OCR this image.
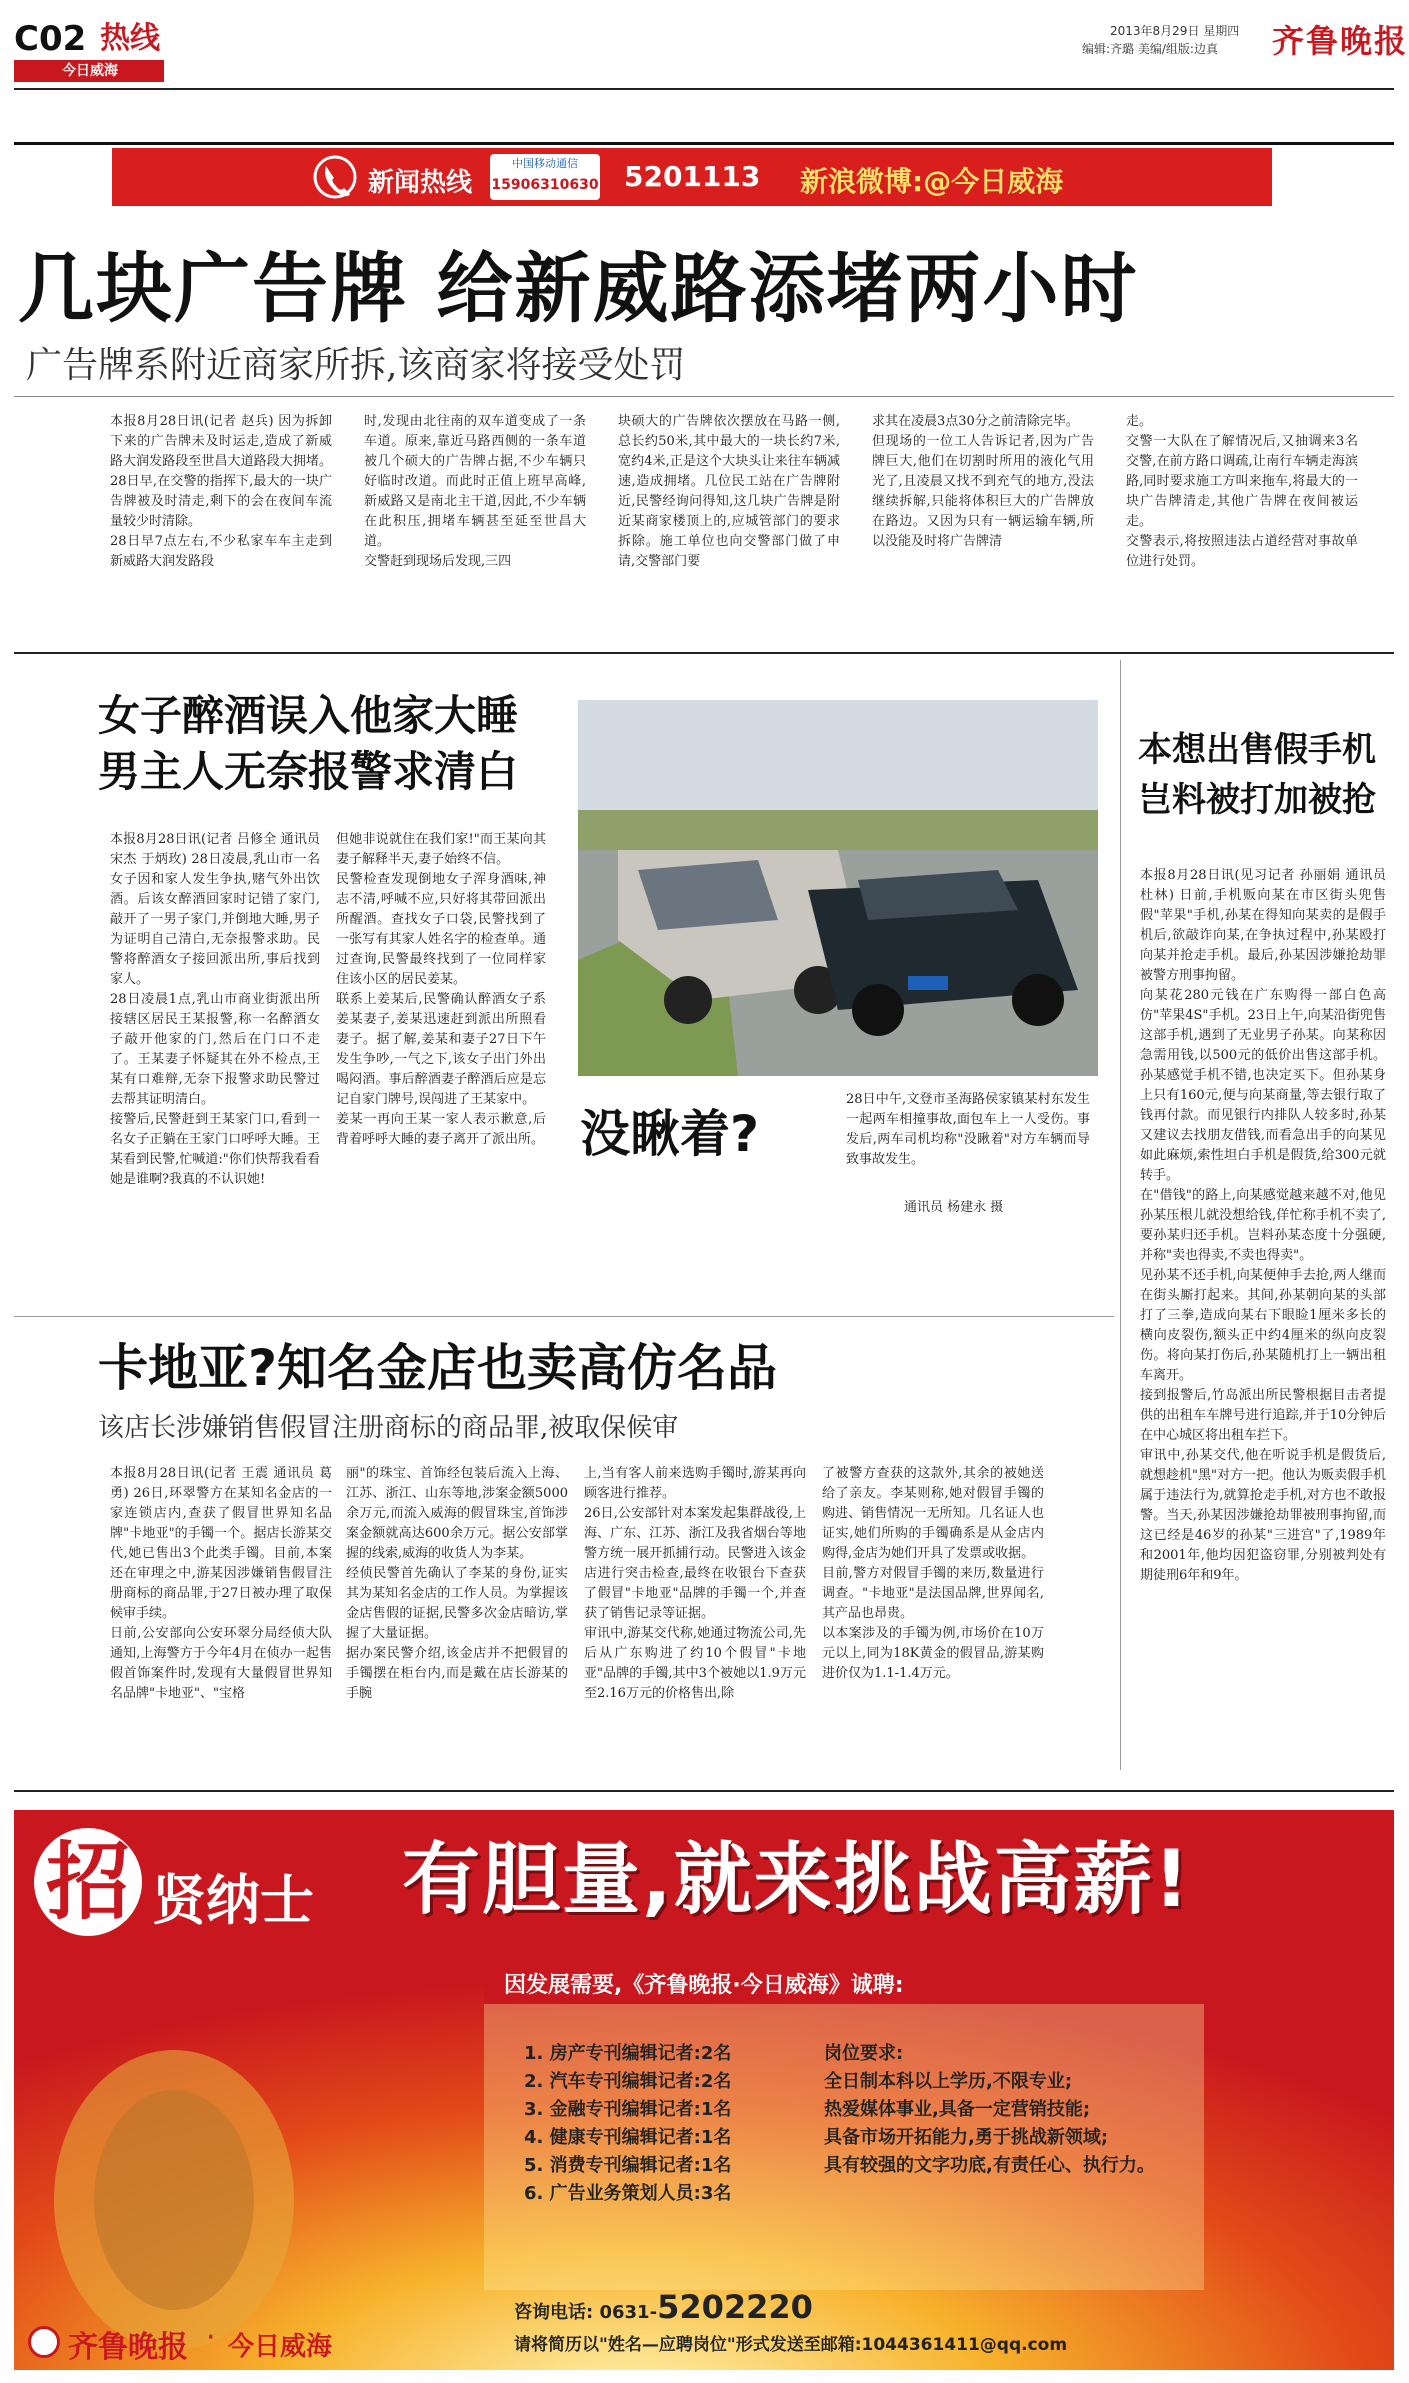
C02 热线
今日威海
2013年8月29日 星期四
编辑:齐璐 美编/组版:边真 齐鲁晚报
新闻热线
中国移动通信
15906310630 5201113 新浪微博:@今日威海
几块广告牌 给新威路添堵两小时
广告牌系附近商家所拆,该商家将接受处罚
本报8月28日讯(记者 赵兵) 因为拆卸下来的广告牌未及时运走,造成了新威路大润发路段至世昌大道路段大拥堵。28日早,在交警的指挥下,最大的一块广告牌被及时清走,剩下的会在夜间车流量较少时清除。
28日早7点左右,不少私家车车主走到新威路大润发路段
时,发现由北往南的双车道变成了一条车道。原来,靠近马路西侧的一条车道被几个硕大的广告牌占据,不少车辆只好临时改道。而此时正值上班早高峰,新威路又是南北主干道,因此,不少车辆在此积压,拥堵车辆甚至延至世昌大道。
交警赶到现场后发现,三四
块硕大的广告牌依次摆放在马路一侧,总长约50米,其中最大的一块长约7米,宽约4米,正是这个大块头让来往车辆减速,造成拥堵。几位民工站在广告牌附近,民警经询问得知,这几块广告牌是附近某商家楼顶上的,应城管部门的要求拆除。施工单位也向交警部门做了申请,交警部门要
求其在凌晨3点30分之前清除完毕。
但现场的一位工人告诉记者,因为广告牌巨大,他们在切割时所用的液化气用光了,且凌晨又找不到充气的地方,没法继续拆解,只能将体积巨大的广告牌放在路边。又因为只有一辆运输车辆,所以没能及时将广告牌清
走。
交警一大队在了解情况后,又抽调来3名交警,在前方路口调疏,让南行车辆走海滨路,同时要求施工方叫来拖车,将最大的一块广告牌清走,其他广告牌在夜间被运走。
交警表示,将按照违法占道经营对事故单位进行处罚。
女子醉酒误入他家大睡
男主人无奈报警求清白
本报8月28日讯(记者 吕修全 通讯员 宋杰 于炳玫) 28日凌晨,乳山市一名女子因和家人发生争执,赌气外出饮酒。后该女醉酒回家时记错了家门,敲开了一男子家门,并倒地大睡,男子为证明自己清白,无奈报警求助。民警将醉酒女子接回派出所,事后找到家人。
28日凌晨1点,乳山市商业街派出所接辖区居民王某报警,称一名醉酒女子敲开他家的门,然后在门口不走了。王某妻子怀疑其在外不检点,王某有口难辩,无奈下报警求助民警过去帮其证明清白。
接警后,民警赶到王某家门口,看到一名女子正躺在王家门口呼呼大睡。王某看到民警,忙喊道:"你们快帮我看看她是谁啊?我真的不认识她!
但她非说就住在我们家!"而王某向其妻子解释半天,妻子始终不信。
民警检查发现倒地女子浑身酒味,神志不清,呼喊不应,只好将其带回派出所醒酒。查找女子口袋,民警找到了一张写有其家人姓名字的检查单。通过查询,民警最终找到了一位同样家住该小区的居民姜某。
联系上姜某后,民警确认醉酒女子系姜某妻子,姜某迅速赶到派出所照看妻子。据了解,姜某和妻子27日下午发生争吵,一气之下,该女子出门外出喝闷酒。事后醉酒妻子醉酒后应是忘记自家门牌号,误闯进了王某家中。
姜某一再向王某一家人表示歉意,后背着呼呼大睡的妻子离开了派出所。 没瞅着?
28日中午,文登市圣海路侯家镇某村东发生一起两车相撞事故,面包车上一人受伤。事发后,两车司机均称"没瞅着"对方车辆而导致事故发生。
通讯员 杨建永 摄
本想出售假手机
岂料被打加被抢
本报8月28日讯(见习记者 孙丽娟 通讯员 杜林) 日前,手机贩向某在市区街头兜售假"苹果"手机,孙某在得知向某卖的是假手机后,欲敲诈向某,在争执过程中,孙某殴打向某并抢走手机。最后,孙某因涉嫌抢劫罪被警方刑事拘留。
向某花280元钱在广东购得一部白色高仿"苹果4S"手机。23日上午,向某沿街兜售这部手机,遇到了无业男子孙某。向某称因急需用钱,以500元的低价出售这部手机。孙某感觉手机不错,也决定买下。但孙某身上只有160元,便与向某商量,等去银行取了钱再付款。而见银行内排队人较多时,孙某又建议去找朋友借钱,而看急出手的向某见如此麻烦,索性坦白手机是假货,给300元就转手。
在"借钱"的路上,向某感觉越来越不对,他见孙某压根儿就没想给钱,佯忙称手机不卖了,要孙某归还手机。岂料孙某态度十分强硬,并称"卖也得卖,不卖也得卖"。
见孙某不还手机,向某便伸手去抢,两人继而在街头厮打起来。其间,孙某朝向某的头部打了三拳,造成向某右下眼睑1厘米多长的横向皮裂伤,额头正中约4厘米的纵向皮裂伤。将向某打伤后,孙某随机打上一辆出租车离开。
接到报警后,竹岛派出所民警根据目击者提供的出租车车牌号进行追踪,并于10分钟后在中心城区将出租车拦下。
审讯中,孙某交代,他在听说手机是假货后,就想趁机"黑"对方一把。他认为贩卖假手机属于违法行为,就算抢走手机,对方也不敢报警。当天,孙某因涉嫌抢劫罪被刑事拘留,而这已经是46岁的孙某"三进宫"了,1989年和2001年,他均因犯盗窃罪,分别被判处有期徒刑6年和9年。
卡地亚?知名金店也卖高仿名品
该店长涉嫌销售假冒注册商标的商品罪,被取保候审
本报8月28日讯(记者 王震 通讯员 葛勇) 26日,环翠警方在某知名金店的一家连锁店内,查获了假冒世界知名品牌"卡地亚"的手镯一个。据店长游某交代,她已售出3个此类手镯。目前,本案还在审理之中,游某因涉嫌销售假冒注册商标的商品罪,于27日被办理了取保候审手续。
日前,公安部向公安环翠分局经侦大队通知,上海警方于今年4月在侦办一起售假首饰案件时,发现有大量假冒世界知名品牌"卡地亚"、"宝格
丽"的珠宝、首饰经包装后流入上海、江苏、浙江、山东等地,涉案金额5000余万元,而流入威海的假冒珠宝,首饰涉案金额就高达600余万元。据公安部掌握的线索,威海的收货人为李某。
经侦民警首先确认了李某的身份,证实其为某知名金店的工作人员。为掌握该金店售假的证据,民警多次金店暗访,掌握了大量证据。
据办案民警介绍,该金店并不把假冒的手镯摆在柜台内,而是戴在店长游某的手腕
上,当有客人前来选购手镯时,游某再向顾客进行推荐。
26日,公安部针对本案发起集群战役,上海、广东、江苏、浙江及我省烟台等地警方统一展开抓捕行动。民警进入该金店进行突击检查,最终在收银台下查获了假冒"卡地亚"品牌的手镯一个,并查获了销售记录等证据。
审讯中,游某交代称,她通过物流公司,先后从广东购进了约10个假冒"卡地亚"品牌的手镯,其中3个被她以1.9万元至2.16万元的价格售出,除
了被警方查获的这款外,其余的被她送给了亲友。李某则称,她对假冒手镯的购进、销售情况一无所知。几名证人也证实,她们所购的手镯确系是从金店内购得,金店为她们开具了发票或收据。
目前,警方对假冒手镯的来历,数量进行调查。"卡地亚"是法国品牌,世界闻名,其产品也昂贵。
以本案涉及的手镯为例,市场价在10万元以上,同为18K黄金的假冒品,游某购进价仅为1.1-1.4万元。
招 贤纳士 有胆量,就来挑战高薪!
因发展需要,《齐鲁晚报·今日威海》诚聘:
1. 房产专刊编辑记者:2名
2. 汽车专刊编辑记者:2名
3. 金融专刊编辑记者:1名
4. 健康专刊编辑记者:1名
5. 消费专刊编辑记者:1名
6. 广告业务策划人员:3名
岗位要求:
全日制本科以上学历,不限专业;
热爱媒体事业,具备一定营销技能;
具备市场开拓能力,勇于挑战新领域;
具有较强的文字功底,有责任心、执行力。
咨询电话: 0631-5202220
请将简历以"姓名—应聘岗位"形式发送至邮箱:1044361411@qq.com
齐鲁晚报 · 今日威海
